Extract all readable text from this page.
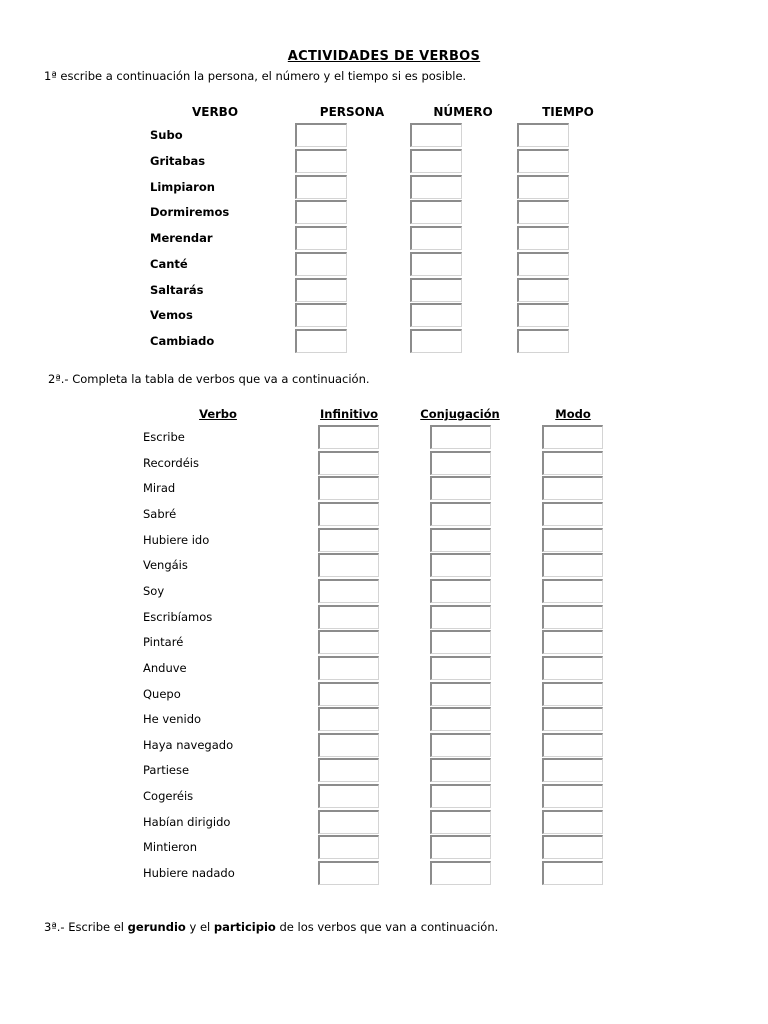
ACTIVIDADES DE VERBOS
1ª escribe a continuación la persona, el número y el tiempo si es posible.
VERBO	PERSONA	NÚMERO	TIEMPO
Subo
Gritabas
Limpiaron
Dormiremos
Merendar
Canté
Saltarás
Vemos
Cambiado
2ª.- Completa la tabla de verbos que va a continuación.
Verbo	Infinitivo	Conjugación	Modo
Escribe
Recordéis
Mirad
Sabré
Hubiere ido
Vengáis
Soy
Escribíamos
Pintaré
Anduve
Quepo
He venido
Haya navegado
Partiese
Cogeréis
Habían dirigido
Mintieron
Hubiere nadado
3ª.- Escribe el gerundio y el participio de los verbos que van a continuación.
